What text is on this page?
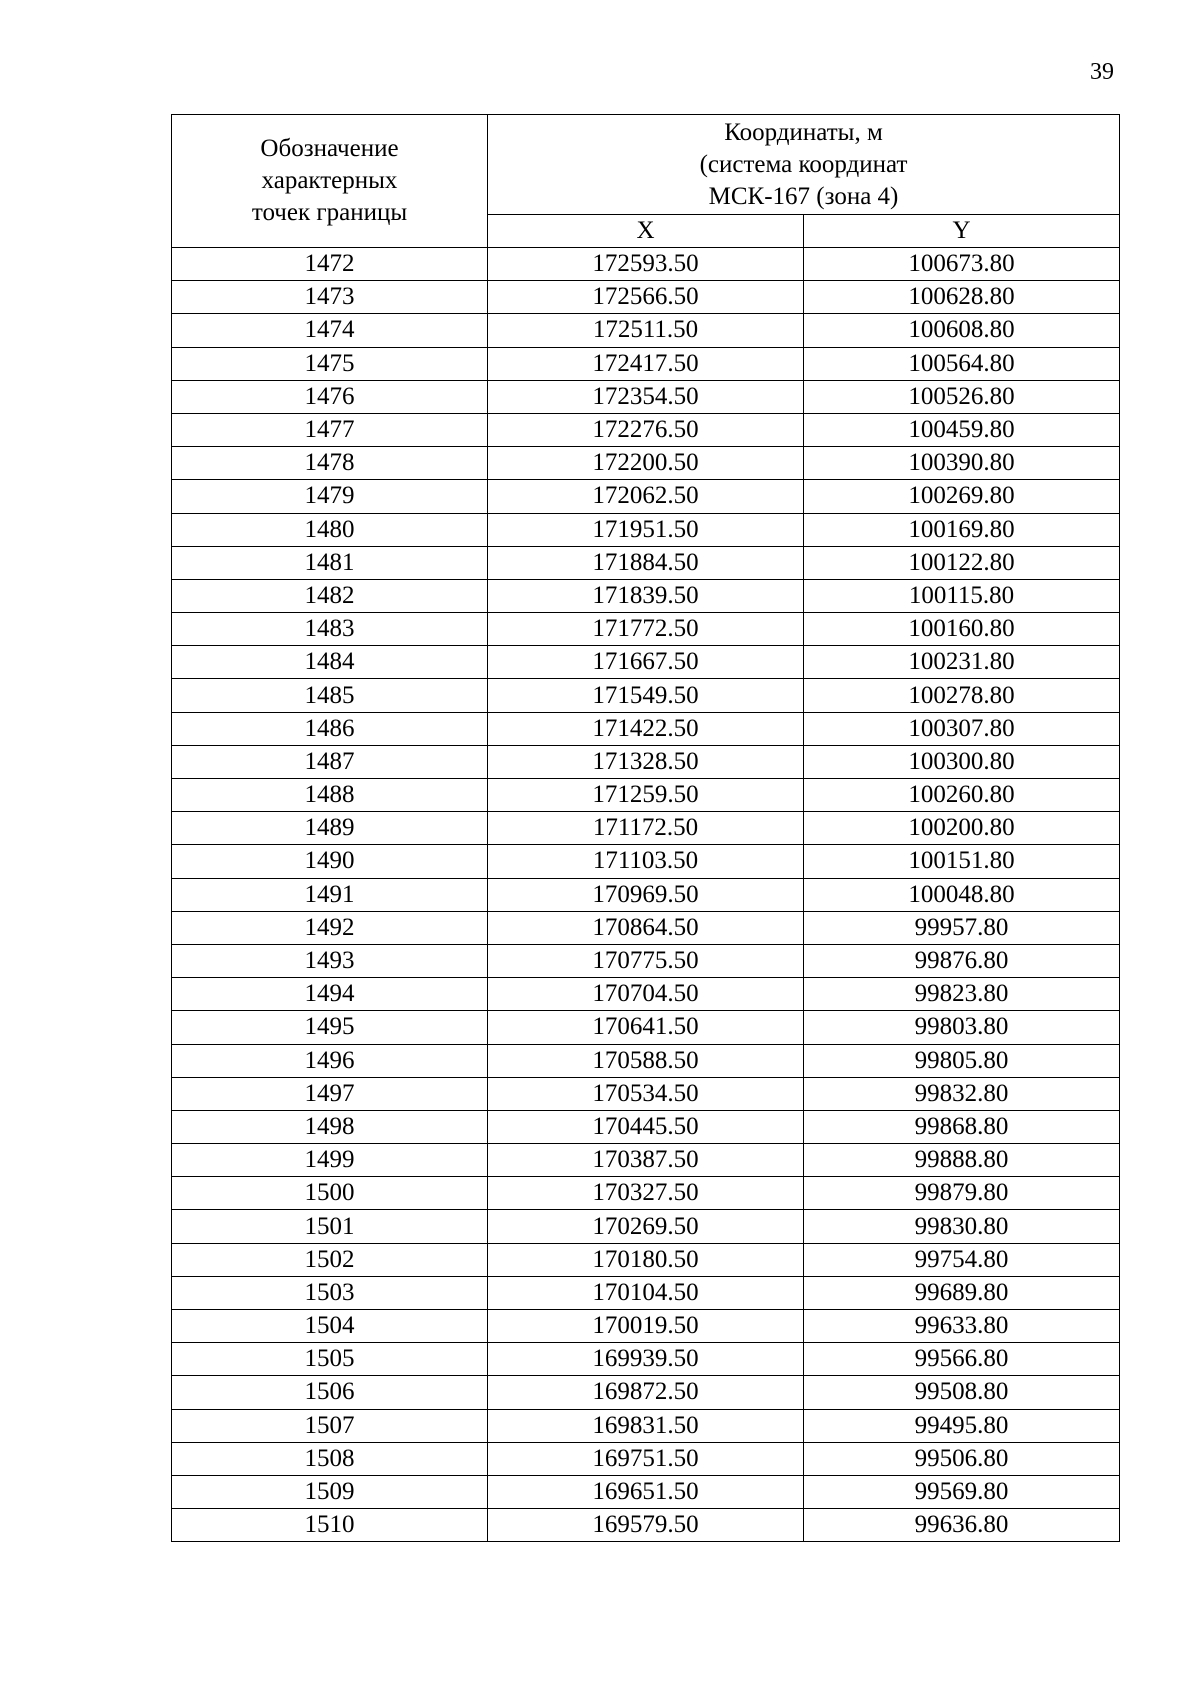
39
Обозначение
характерных
точек границы	Координаты, м
(система координат
МСК-167 (зона 4)	
	X	Y
1472	172593.50	100673.80
1473	172566.50	100628.80
1474	172511.50	100608.80
1475	172417.50	100564.80
1476	172354.50	100526.80
1477	172276.50	100459.80
1478	172200.50	100390.80
1479	172062.50	100269.80
1480	171951.50	100169.80
1481	171884.50	100122.80
1482	171839.50	100115.80
1483	171772.50	100160.80
1484	171667.50	100231.80
1485	171549.50	100278.80
1486	171422.50	100307.80
1487	171328.50	100300.80
1488	171259.50	100260.80
1489	171172.50	100200.80
1490	171103.50	100151.80
1491	170969.50	100048.80
1492	170864.50	99957.80
1493	170775.50	99876.80
1494	170704.50	99823.80
1495	170641.50	99803.80
1496	170588.50	99805.80
1497	170534.50	99832.80
1498	170445.50	99868.80
1499	170387.50	99888.80
1500	170327.50	99879.80
1501	170269.50	99830.80
1502	170180.50	99754.80
1503	170104.50	99689.80
1504	170019.50	99633.80
1505	169939.50	99566.80
1506	169872.50	99508.80
1507	169831.50	99495.80
1508	169751.50	99506.80
1509	169651.50	99569.80
1510	169579.50	99636.80
